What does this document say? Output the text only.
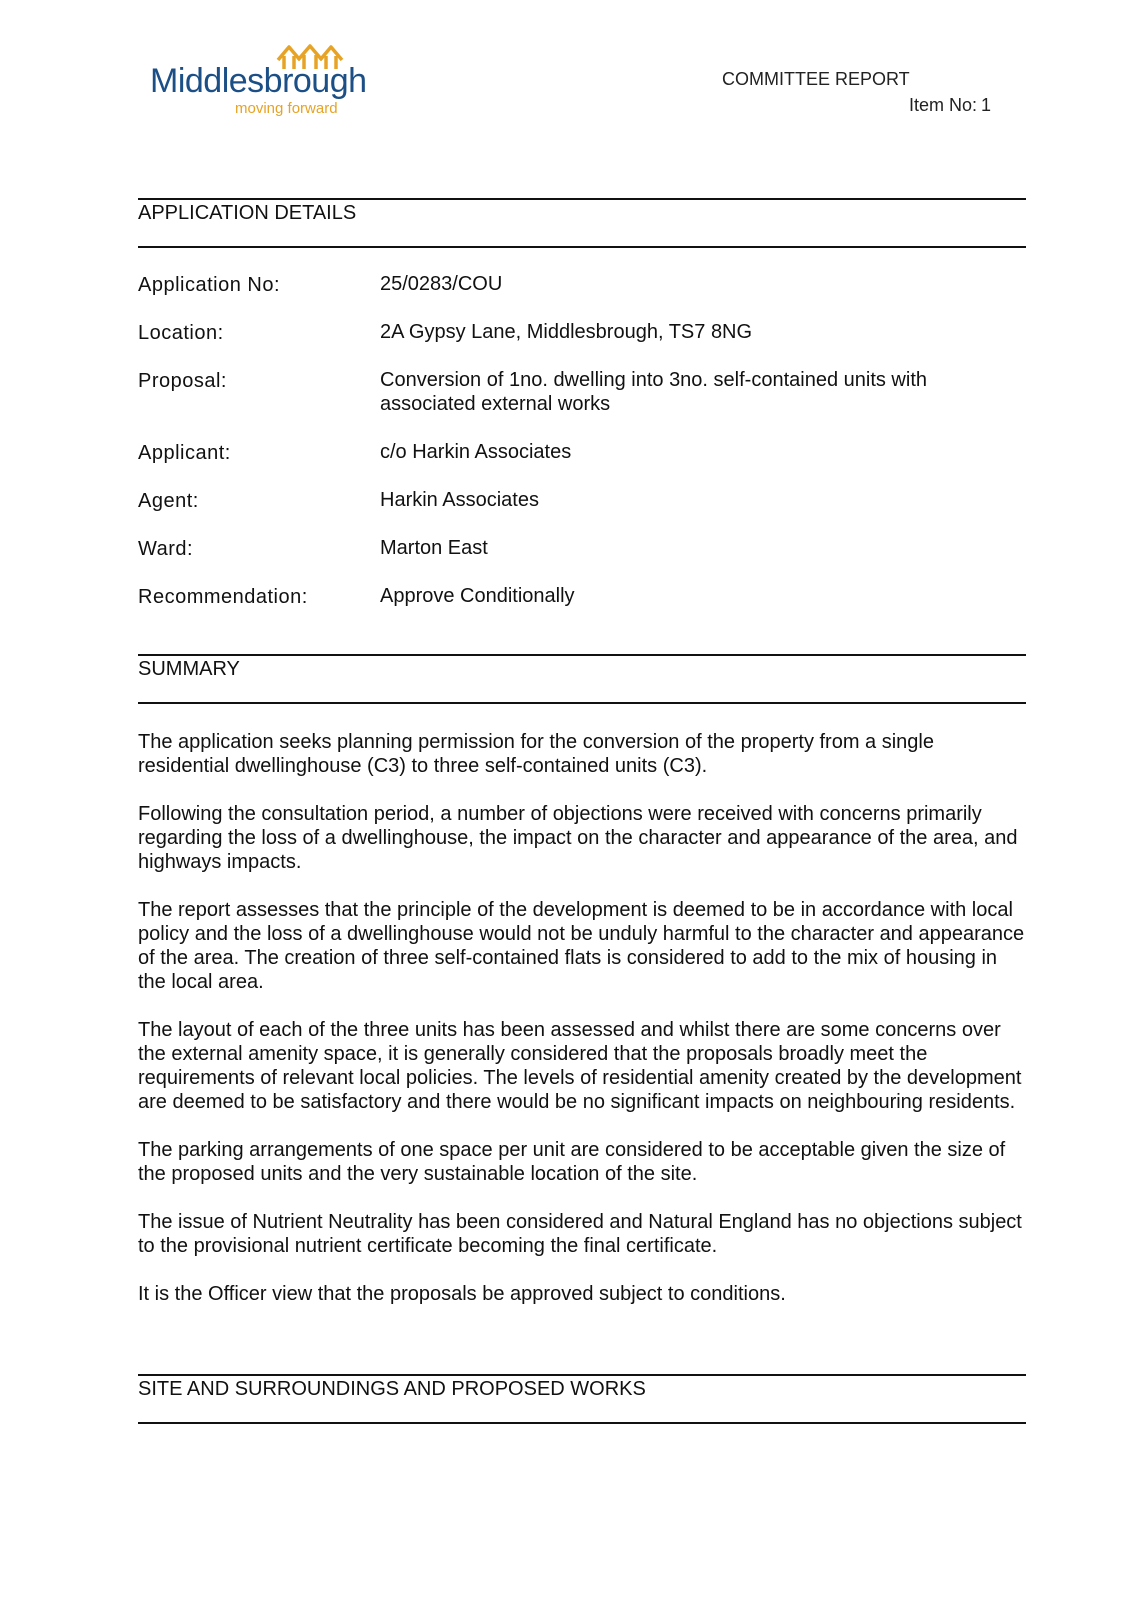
Middlesbrough
moving forward
COMMITTEE REPORT
Item No: 1
APPLICATION DETAILS
Application No:	25/0283/COU
Location:	2A Gypsy Lane, Middlesbrough, TS7 8NG
Proposal:	Conversion of 1no. dwelling into 3no. self-contained units with associated external works
Applicant:	c/o Harkin Associates
Agent:	Harkin Associates
Ward:	Marton East
Recommendation:	Approve Conditionally
SUMMARY

The application seeks planning permission for the conversion of the property from a single residential dwellinghouse (C3) to three self-contained units (C3).

Following the consultation period, a number of objections were received with concerns primarily regarding the loss of a dwellinghouse, the impact on the character and appearance of the area, and highways impacts.

The report assesses that the principle of the development is deemed to be in accordance with local policy and the loss of a dwellinghouse would not be unduly harmful to the character and appearance of the area. The creation of three self-contained flats is considered to add to the mix of housing in the local area.

The layout of each of the three units has been assessed and whilst there are some concerns over the external amenity space, it is generally considered that the proposals broadly meet the requirements of relevant local policies. The levels of residential amenity created by the development are deemed to be satisfactory and there would be no significant impacts on neighbouring residents.

The parking arrangements of one space per unit are considered to be acceptable given the size of the proposed units and the very sustainable location of the site.

The issue of Nutrient Neutrality has been considered and Natural England has no objections subject to the provisional nutrient certificate becoming the final certificate.

It is the Officer view that the proposals be approved subject to conditions.

SITE AND SURROUNDINGS AND PROPOSED WORKS
